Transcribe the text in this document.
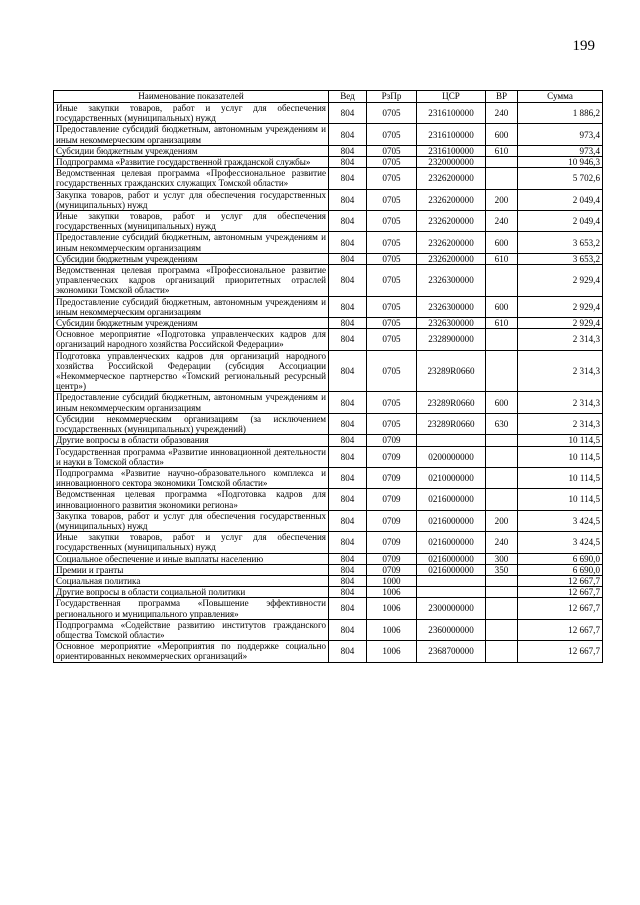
199
Наименование показателей	Вед	РзПр	ЦСР	ВР	Сумма
Иные закупки товаров, работ и услуг для обеспечения государственных (муниципальных) нужд	804	0705	2316100000	240	1 886,2
Предоставление субсидий бюджетным, автономным учреждениям и иным некоммерческим организациям	804	0705	2316100000	600	973,4
Субсидии бюджетным учреждениям	804	0705	2316100000	610	973,4
Подпрограмма «Развитие государственной гражданской службы»	804	0705	2320000000		10 946,3
Ведомственная целевая программа «Профессиональное развитие государственных гражданских служащих Томской области»	804	0705	2326200000		5 702,6
Закупка товаров, работ и услуг для обеспечения государственных (муниципальных) нужд	804	0705	2326200000	200	2 049,4
Иные закупки товаров, работ и услуг для обеспечения государственных (муниципальных) нужд	804	0705	2326200000	240	2 049,4
Предоставление субсидий бюджетным, автономным учреждениям и иным некоммерческим организациям	804	0705	2326200000	600	3 653,2
Субсидии бюджетным учреждениям	804	0705	2326200000	610	3 653,2
Ведомственная целевая программа «Профессиональное развитие управленческих кадров организаций приоритетных отраслей экономики Томской области»	804	0705	2326300000		2 929,4
Предоставление субсидий бюджетным, автономным учреждениям и иным некоммерческим организациям	804	0705	2326300000	600	2 929,4
Субсидии бюджетным учреждениям	804	0705	2326300000	610	2 929,4
Основное мероприятие «Подготовка управленческих кадров для организаций народного хозяйства Российской Федерации»	804	0705	2328900000		2 314,3
Подготовка управленческих кадров для организаций народного хозяйства Российской Федерации (субсидия Ассоциации «Некоммерческое партнерство «Томский региональный ресурсный центр»)	804	0705	23289R0660		2 314,3
Предоставление субсидий бюджетным, автономным учреждениям и иным некоммерческим организациям	804	0705	23289R0660	600	2 314,3
Субсидии некоммерческим организациям (за исключением государственных (муниципальных) учреждений)	804	0705	23289R0660	630	2 314,3
Другие вопросы в области образования	804	0709			10 114,5
Государственная программа «Развитие инновационной деятельности и науки в Томской области»	804	0709	0200000000		10 114,5
Подпрограмма «Развитие научно-образовательного комплекса и инновационного сектора экономики Томской области»	804	0709	0210000000		10 114,5
Ведомственная целевая программа «Подготовка кадров для инновационного развития экономики региона»	804	0709	0216000000		10 114,5
Закупка товаров, работ и услуг для обеспечения государственных (муниципальных) нужд	804	0709	0216000000	200	3 424,5
Иные закупки товаров, работ и услуг для обеспечения государственных (муниципальных) нужд	804	0709	0216000000	240	3 424,5
Социальное обеспечение и иные выплаты населению	804	0709	0216000000	300	6 690,0
Премии и гранты	804	0709	0216000000	350	6 690,0
Социальная политика	804	1000			12 667,7
Другие вопросы в области социальной политики	804	1006			12 667,7
Государственная программа «Повышение эффективности регионального и муниципального управления»	804	1006	2300000000		12 667,7
Подпрограмма «Содействие развитию институтов гражданского общества Томской области»	804	1006	2360000000		12 667,7
Основное мероприятие «Мероприятия по поддержке социально ориентированных некоммерческих организаций»	804	1006	2368700000		12 667,7
